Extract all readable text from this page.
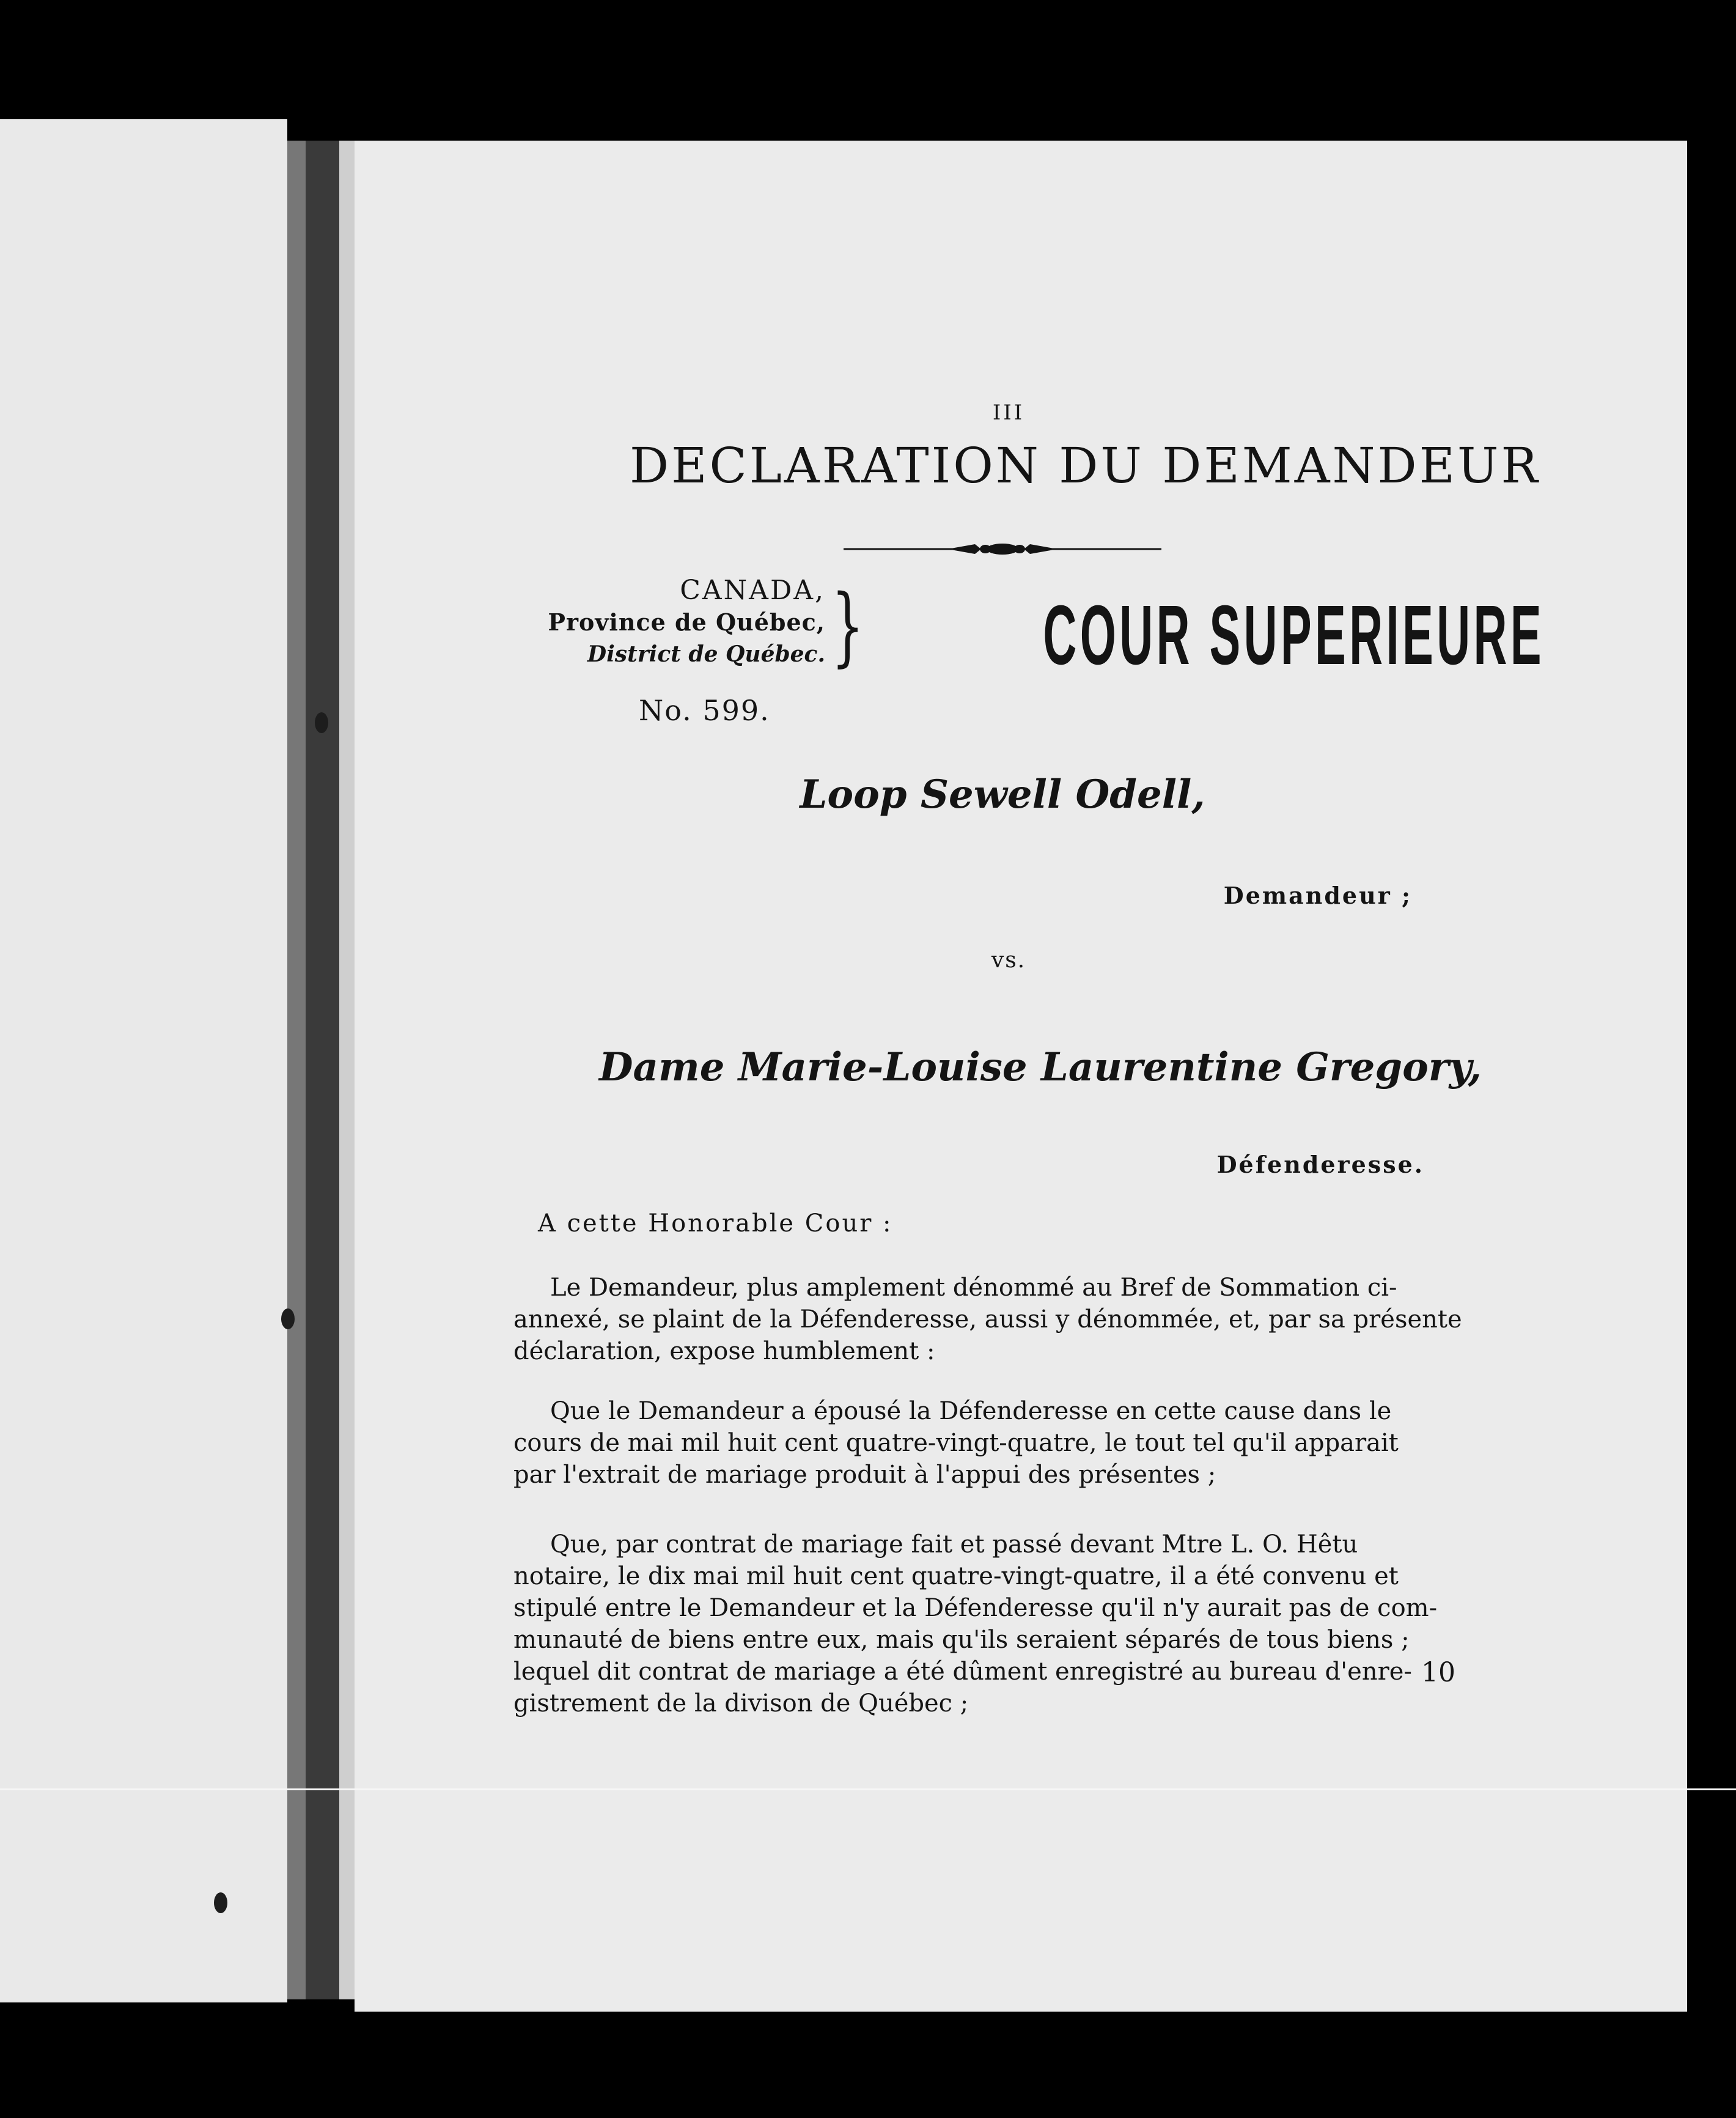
III
DECLARATION DU DEMANDEUR
CANADA,
Province de Québec,
District de Québec. } COUR SUPERIEURE
No. 599.
Loop Sewell Odell,
Demandeur ;
vs.
Dame Marie-Louise Laurentine Gregory,
Défenderesse.
A cette Honorable Cour :
Le Demandeur, plus amplement dénommé au Bref de Sommation ci-
annexé, se plaint de la Défenderesse, aussi y dénommée, et, par sa présente
déclaration, expose humblement :
Que le Demandeur a épousé la Défenderesse en cette cause dans le
cours de mai mil huit cent quatre-vingt-quatre, le tout tel qu'il apparait
par l'extrait de mariage produit à l'appui des présentes ;
Que, par contrat de mariage fait et passé devant Mtre L. O. Hêtu
notaire, le dix mai mil huit cent quatre-vingt-quatre, il a été convenu et
stipulé entre le Demandeur et la Défenderesse qu'il n'y aurait pas de com-
munauté de biens entre eux, mais qu'ils seraient séparés de tous biens ;
lequel dit contrat de mariage a été dûment enregistré au bureau d'enre-
gistrement de la divison de Québec ;
10
